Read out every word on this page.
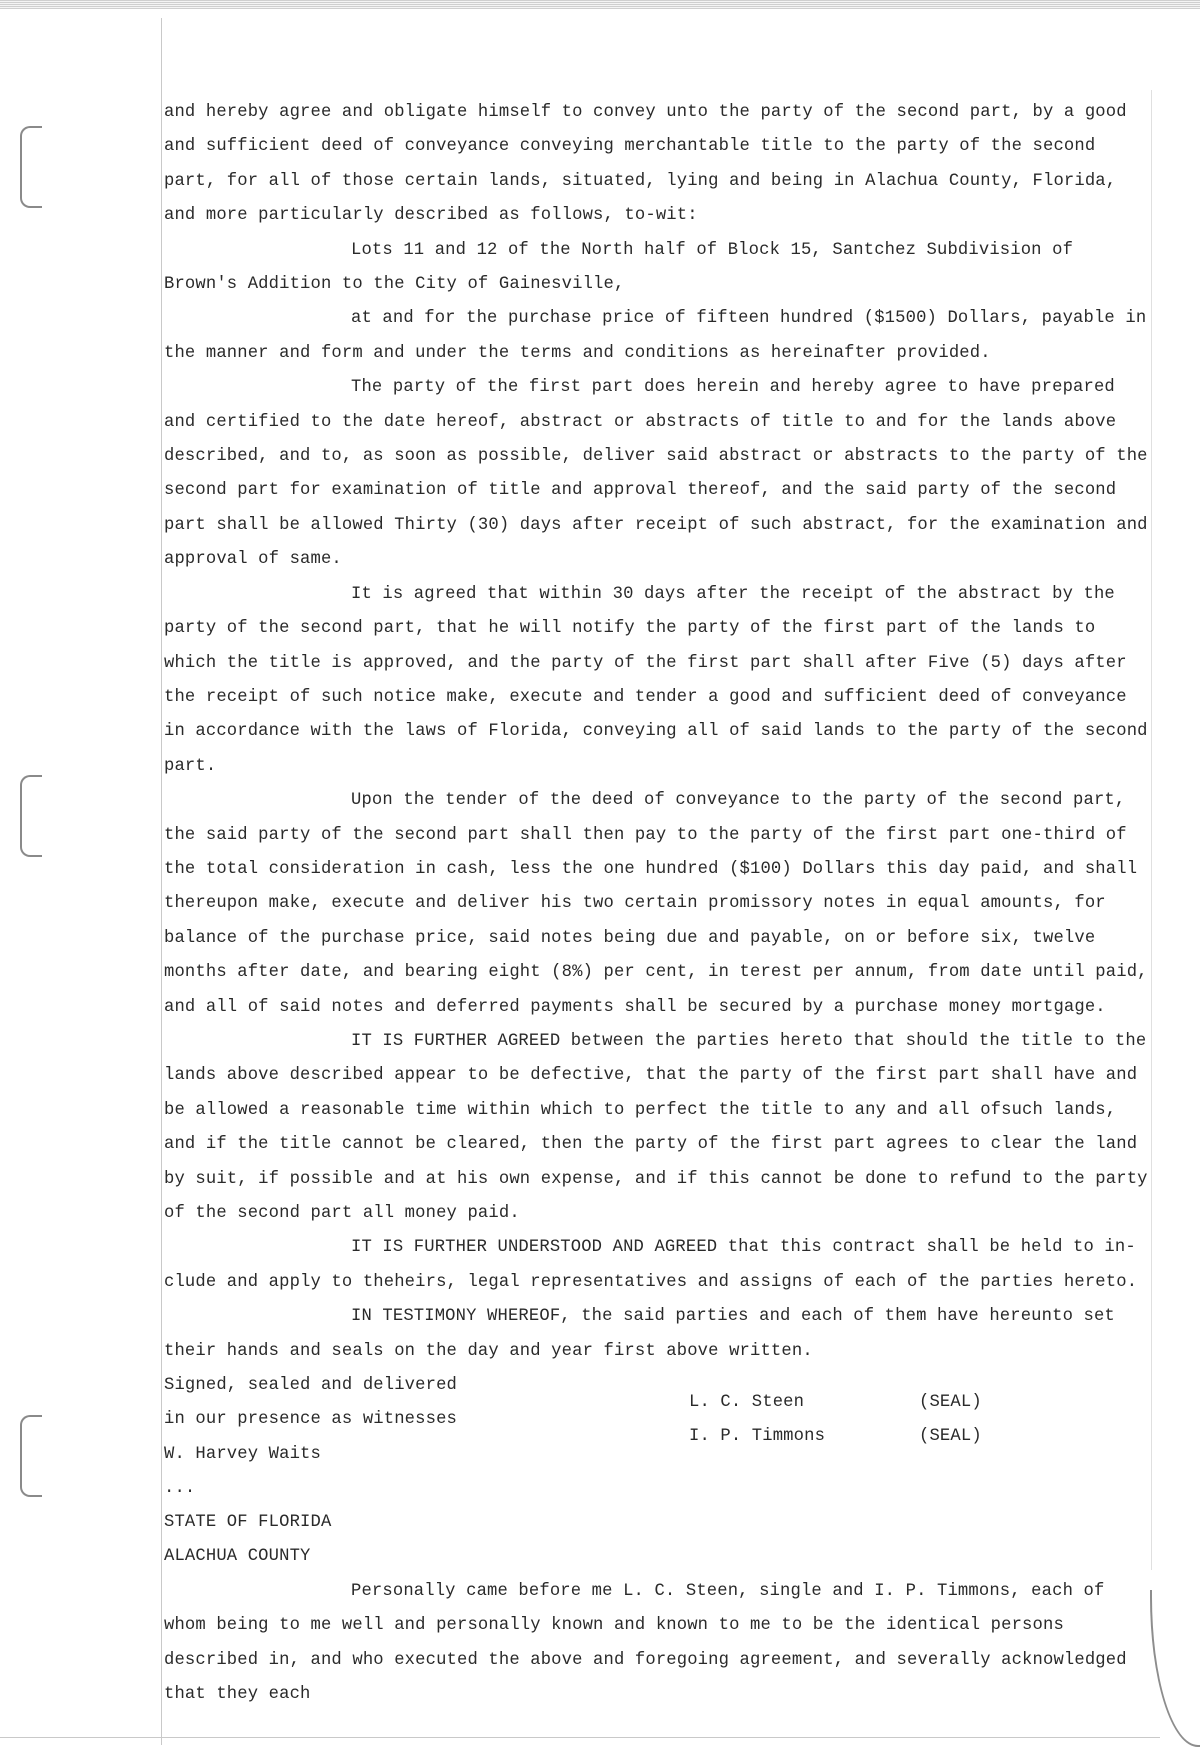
and hereby agree and obligate himself to convey unto the party of the second part, by a good and sufficient deed of conveyance conveying merchantable title to the party of the second part, for all of those certain lands, situated, lying and being in Alachua County, Florida, and more particularly described as follows, to-wit:

Lots 11 and 12 of the North half of Block 15, Santchez Subdivision of Brown's Addition to the City of Gainesville,

at and for the purchase price of fifteen hundred ($1500) Dollars, payable in the manner and form and under the terms and conditions as hereinafter provided.

The party of the first part does herein and hereby agree to have prepared and certified to the date hereof, abstract or abstracts of title to and for the lands above described, and to, as soon as possible, deliver said abstract or abstracts to the party of the second part for examination of title and approval thereof, and the said party of the second part shall be allowed Thirty (30) days after receipt of such abstract, for the examination and approval of same.

It is agreed that within 30 days after the receipt of the abstract by the party of the second part, that he will notify the party of the first part of the lands to which the title is approved, and the party of the first part shall after Five (5) days after the receipt of such notice make, execute and tender a good and sufficient deed of conveyance in accordance with the laws of Florida, conveying all of said lands to the party of the second part.

Upon the tender of the deed of conveyance to the party of the second part, the said party of the second part shall then pay to the party of the first part one-third of the total consideration in cash, less the one hundred ($100) Dollars this day paid, and shall thereupon make, execute and deliver his two certain promissory notes in equal amounts, for balance of the purchase price, said notes being due and payable, on or before six, twelve months after date, and bearing eight (8%) per cent, in terest per annum, from date until paid, and all of said notes and deferred payments shall be secured by a purchase money mortgage.

IT IS FURTHER AGREED between the parties hereto that should the title to the lands above described appear to be defective, that the party of the first part shall have and be allowed a reasonable time within which to perfect the title to any and all ofsuch lands, and if the title cannot be cleared, then the party of the first part agrees to clear the land by suit, if possible and at his own expense, and if this cannot be done to refund to the party of the second part all money paid.

IT IS FURTHER UNDERSTOOD AND AGREED that this contract shall be held to in- clude and apply to theheirs, legal representatives and assigns of each of the parties hereto.

IN TESTIMONY WHEREOF, the said parties and each of them have hereunto set their hands and seals on the day and year first above written.

Signed, sealed and delivered
in our presence as witnesses
W. Harvey Waits
...
L. C. Steen	(SEAL)
I. P. Timmons	(SEAL)
STATE OF FLORIDA
ALACHUA COUNTY

Personally came before me L. C. Steen, single and I. P. Timmons, each of whom being to me well and personally known and known to me to be the identical persons described in, and who executed the above and foregoing agreement, and severally acknowledged that they each
